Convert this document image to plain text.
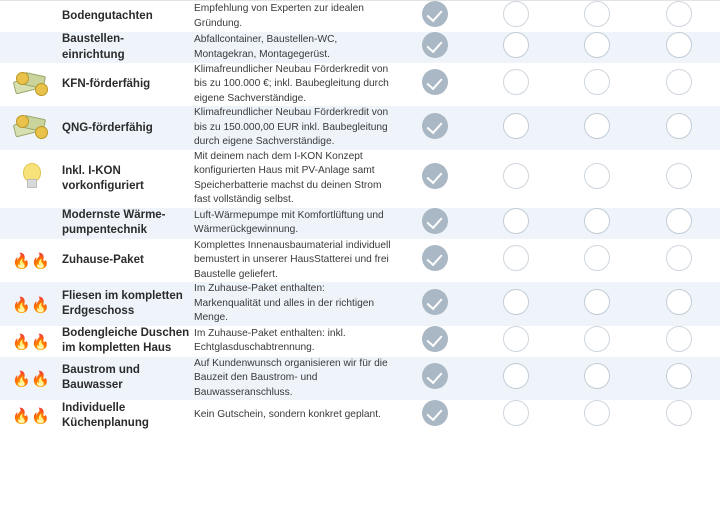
	Bodengutachten	Empfehlung von Experten zur idealen Gründung.				
	Baustellen-
einrichtung	Abfallcontainer, Baustellen-WC, Montagekran, Montagegerüst.				

	KFN-förderfähig	Klimafreundlicher Neubau Förderkredit von bis zu 100.000 €; inkl. Baubegleitung durch eigene Sachverständige.				

	QNG-förderfähig	Klimafreundlicher Neubau Förderkredit von bis zu 150.000,00 EUR inkl. Baubegleitung durch eigene Sachverständige.				

	Inkl. I-KON vorkonfiguriert	Mit deinem nach dem I-KON Konzept konfigurierten Haus mit PV-Anlage samt Speicherbatterie machst du deinen Strom fast vollständig selbst.				
	Modernste Wärme-
pumpentechnik	Luft-Wärmepumpe mit Komfortlüftung und Wärmerückgewinnung.				
🔥🔥	Zuhause-Paket	Komplettes Innenausbaumaterial individuell bemustert in unserer HausStatterei und frei Baustelle geliefert.				
🔥🔥	Fliesen im kompletten Erdgeschoss	Im Zuhause-Paket enthalten: Markenqualität und alles in der richtigen Menge.				
🔥🔥	Bodengleiche Duschen im kompletten Haus	Im Zuhause-Paket enthalten: inkl. Echtglasduschabtrennung.				
🔥🔥	Baustrom und Bauwasser	Auf Kundenwunsch organisieren wir für die Bauzeit den Baustrom- und Bauwasseranschluss.				
🔥🔥	Individuelle Küchenplanung	Kein Gutschein, sondern konkret geplant.				
